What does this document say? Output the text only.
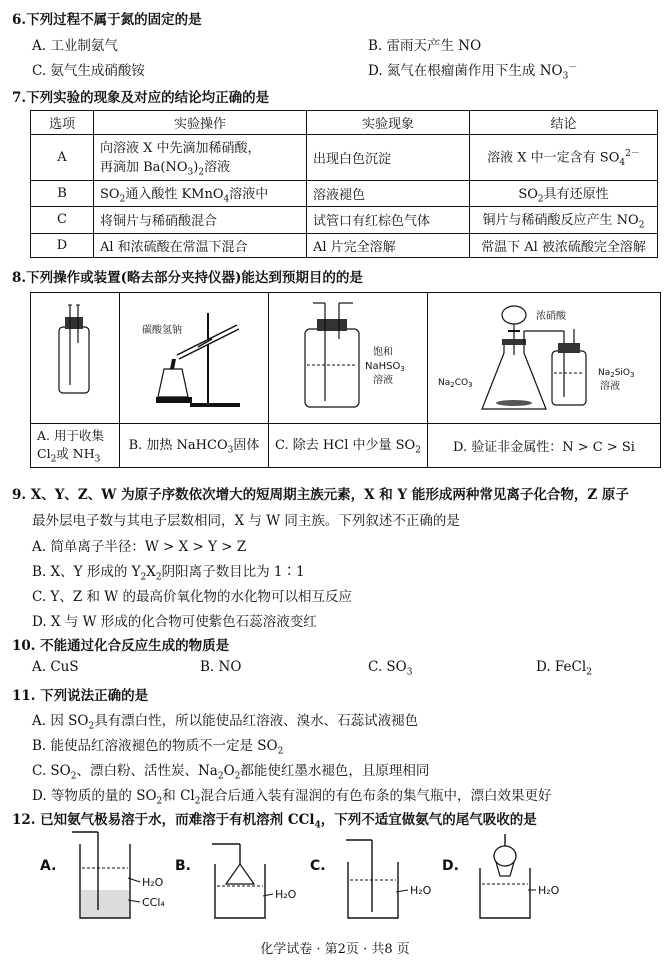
6.下列过程不属于氮的固定的是
A. 工业制氨气	B. 雷雨天产生 NO
C. 氨气生成硝酸铵	D. 氮气在根瘤菌作用下生成 $NO_3^-$
7.下列实验的现象及对应的结论均正确的是
选项	实验操作	实验现象	结论
A	向溶液 X 中先滴加稀硝酸，
再滴加 $Ba(NO_3)_2$溶液	出现白色沉淀	溶液 X 中一定含有 $SO_4^{2-}$
B	$SO_2$通入酸性 KMnO$_4$溶液中	溶液褪色	$SO_2$具有还原性
C	将铜片与稀硝酸混合	试管口有红棕色气体	铜片与稀硝酸反应产生 $NO_2$
D	Al 和浓硫酸在常温下混合	Al 片完全溶解	常温下 Al 被浓硫酸完全溶解
8.下列操作或装置(略去部分夹持仪器)能达到预期目的的是

碳酸氢钠	饱和
NaHSO$_3$
溶液	浓硝酸
$Na_2CO_3$
$Na_2SiO_3$
溶液

A. 用于收集
$Cl_2$或 $NH_3$	B. 加热 NaHCO$_3$固体	C. 除去 HCl 中少量 $SO_2$	D. 验证非金属性：N > C > Si
9. X、Y、Z、W 为原子序数依次增大的短周期主族元素，X 和 Y 能形成两种常见离子化合物，Z 原子
最外层电子数与其电子层数相同，X 与 W 同主族。下列叙述不正确的是
A. 简单离子半径：W > X > Y > Z
B. X、Y 形成的 $Y_2X_2$阴阳离子数目比为 1∶1
C. Y、Z 和 W 的最高价氧化物的水化物可以相互反应
D. X 与 W 形成的化合物可使紫色石蕊溶液变红
10. 不能通过化合反应生成的物质是
A. CuS	B. NO	C. $SO_3$	D. FeCl$_2$
11. 下列说法正确的是
A. 因 $SO_2$具有漂白性，所以能使品红溶液、溴水、石蕊试液褪色
B. 能使品红溶液褪色的物质不一定是 $SO_2$
C. $SO_2$、漂白粉、活性炭、$Na_2O_2$都能使红墨水褪色，且原理相同
D. 等物质的量的 $SO_2$和 $Cl_2$混合后通入装有湿润的有色布条的集气瓶中，漂白效果更好
12. 已知氨气极易溶于水，而难溶于有机溶剂 CCl$_4$，下列不适宜做氨气的尾气吸收的是
A.
H₂O
CCl₄
B.
H₂O
C.
H₂O
D.
H₂O
化学试卷 · 第2页 · 共8 页
